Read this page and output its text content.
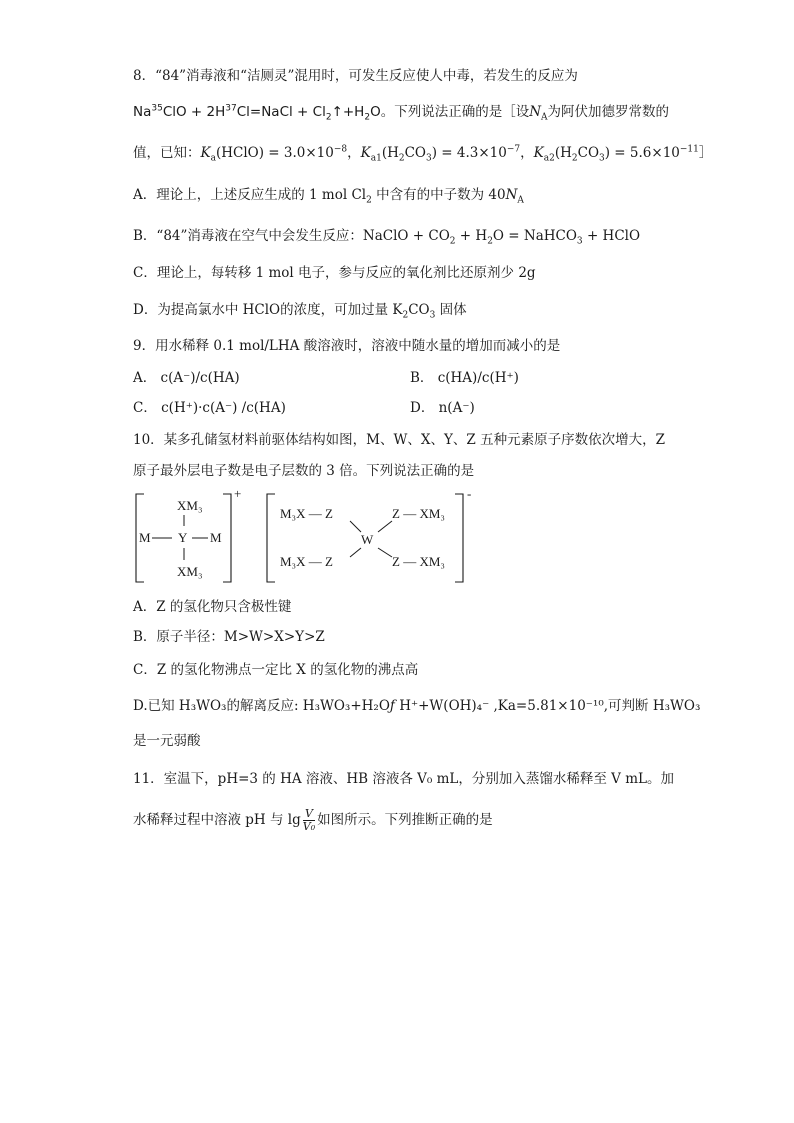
8．“84”消毒液和“洁厕灵”混用时，可发生反应使人中毒，若发生的反应为
$Na^{35}ClO$ + $2H^{37}Cl=NaCl$ + $Cl_2↑+H_2O$。下列说法正确的是［设$N_A$为阿伏加德罗常数的
值，已知：$K_a(HClO) = 3.0\times 10^{-8}$，$K_{a1}(H_2CO_3) = 4.3\times 10^{-7}$，$K_{a2}(H_2CO_3)$ = $5.6\times 10^{-11}]$
A．理论上，上述反应生成的 1 mol $Cl_2$ 中含有的中子数为 $40N_A$
B．“84”消毒液在空气中会发生反应：NaClO + $CO_2 + H_2O$ = NaHCO$_3$ + HClO
C．理论上，每转移 1 mol 电子，参与反应的氧化剂比还原剂少 2g
D．为提高氯水中 HClO的浓度，可加过量 $K_2CO_3$ 固体
9．用水稀释 0.1 mol/LHA 酸溶液时，溶液中随水量的增加而减小的是
A． c(A⁻)/c(HA)	B． c(HA)/c(H⁺)
C． c(H⁺)·c(A⁻) /c(HA)	D． n(A⁻)
10．某多孔储氢材料前驱体结构如图，M、W、X、Y、Z 五种元素原子序数依次增大，Z
原子最外层电子数是电子层数的 3 倍。下列说法正确的是
+
XM₃
M Y M
XM₃
-
M₃X — Z	Z — XM₃
W
M₃X — Z	Z — XM₃
A．Z 的氢化物只含极性键
B．原子半径：M>W>X>Y>Z
C．Z 的氢化物沸点一定比 X 的氢化物的沸点高
D.已知 H₃WO₃的解离反应: H₃WO₃+H₂Oƒ H⁺+W(OH)₄⁻ ,Ka=5.81×10⁻¹⁰,可判断 H₃WO₃
是一元弱酸
11．室温下，pH=3 的 HA 溶液、HB 溶液各 V₀ mL，分别加入蒸馏水稀释至 V mL。加
水稀释过程中溶液 pH 与 $\lg \frac{V}{\text{V₀}}$ 如图所示。下列推断正确的是
